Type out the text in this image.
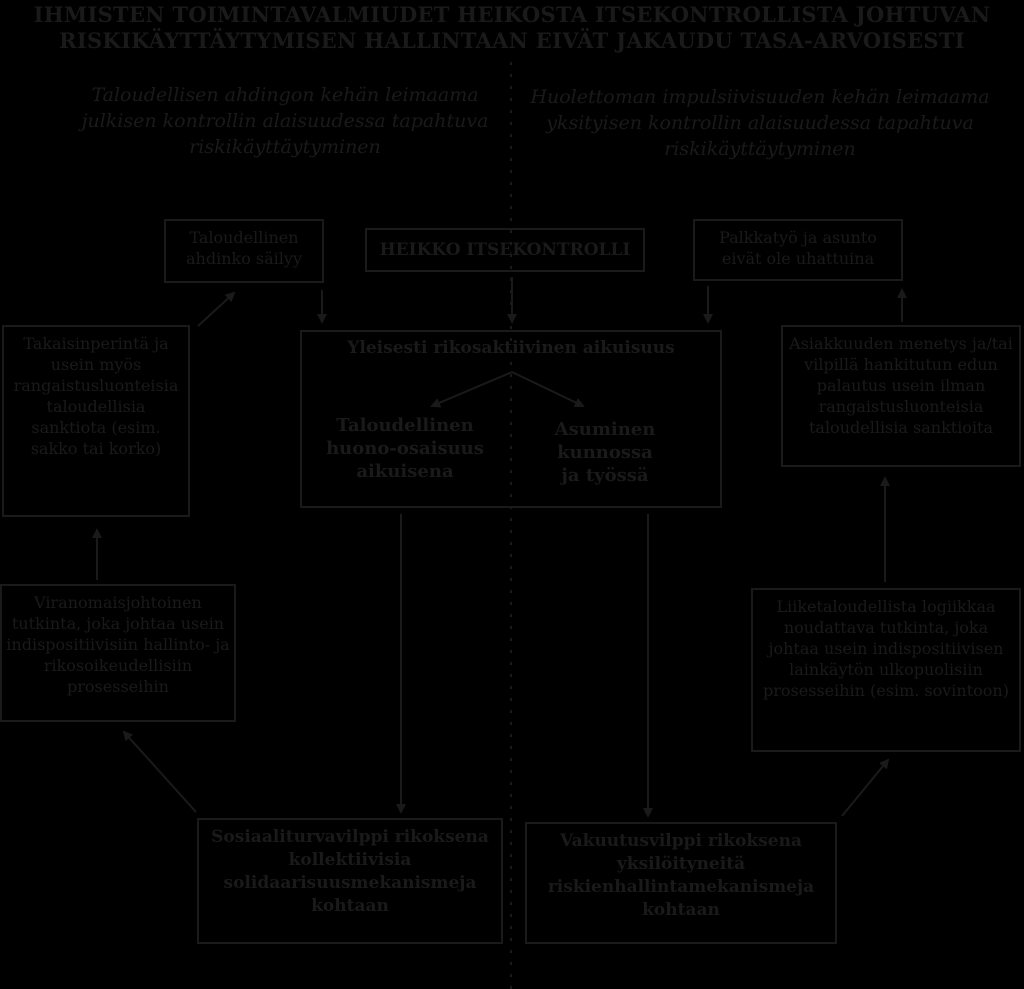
IHMISTEN TOIMINTAVALMIUDET HEIKOSTA ITSEKONTROLLISTA JOHTUVAN
RISKIKÄYTTÄYTYMISEN HALLINTAAN EIVÄT JAKAUDU TASA-ARVOISESTI
Taloudellisen ahdingon kehän leimaama julkisen kontrollin alaisuudessa tapahtuva riskikäyttäytyminen
Huolettoman impulsiivisuuden kehän leimaama yksityisen kontrollin alaisuudessa tapahtuva riskikäyttäytyminen
Taloudellinen ahdinko säilyy	HEIKKO ITSEKONTROLLI
Palkkatyö ja asunto eivät ole uhattuina
Yleisesti rikosaktiivinen aikuisuus
Taloudellinen huono-osaisuus aikuisena
Asuminen kunnossa ja työssä
Takaisinperintä ja usein myös rangaistusluonteisia taloudellisia sanktiota (esim. sakko tai korko)
Viranomaisjohtoinen tutkinta, joka johtaa usein indispositiivisiin hallinto- ja rikosoikeudellisiin prosesseihin
Asiakkuuden menetys ja/tai vilpillä hankitutun edun palautus usein ilman rangaistusluonteisia taloudellisia sanktioita
Liiketaloudellista logiikkaa noudattava tutkinta, joka johtaa usein indispositiivisen lainkäytön ulkopuolisiin prosesseihin (esim. sovintoon)
Sosiaaliturvavilppi rikoksena kollektiivisia solidaarisuusmekanismeja kohtaan
Vakuutusvilppi rikoksena yksilöityneitä riskienhallintamekanismeja kohtaan
